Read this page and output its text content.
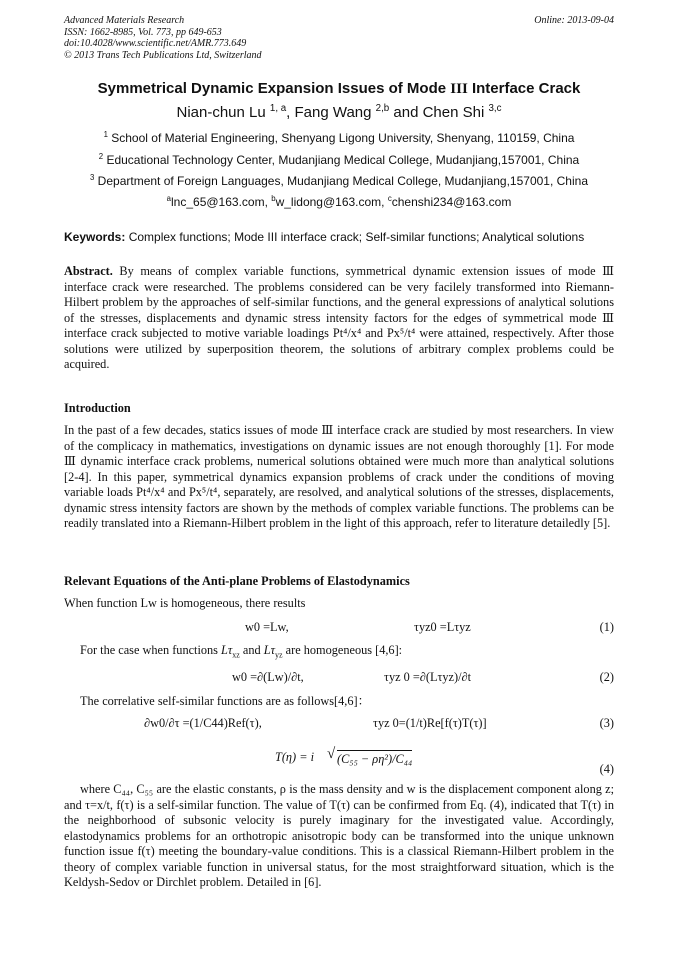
Advanced Materials Research
ISSN: 1662-8985, Vol. 773, pp 649-653
doi:10.4028/www.scientific.net/AMR.773.649
© 2013 Trans Tech Publications Ltd, Switzerland
Online: 2013-09-04
Symmetrical Dynamic Expansion Issues of Mode III Interface Crack
Nian-chun Lu $^{1, a}$, Fang Wang $^{2,b}$ and Chen Shi $^{3,c}$
$^1$ School of Material Engineering, Shenyang Ligong University, Shenyang, 110159, China
$^2$ Educational Technology Center, Mudanjiang Medical College, Mudanjiang,157001, China
$^3$ Department of Foreign Languages, Mudanjiang Medical College, Mudanjiang,157001, China
$^a$lnc_65@163.com, $^b$w_lidong@163.com, $^c$chenshi234@163.com
Keywords: Complex functions; Mode III interface crack; Self-similar functions; Analytical solutions
Abstract. By means of complex variable functions, symmetrical dynamic extension issues of mode Ⅲ interface crack were researched. The problems considered can be very facilely transformed into Riemann-Hilbert problem by the approaches of self-similar functions, and the general expressions of analytical solutions of the stresses, displacements and dynamic stress intensity factors for the edges of symmetrical mode Ⅲ interface crack subjected to motive variable loadings Pt⁴/x⁴ and Px⁵/t⁴ were attained, respectively. After those solutions were utilized by superposition theorem, the solutions of arbitrary complex problems could be acquired.
Introduction
In the past of a few decades, statics issues of mode Ⅲ interface crack are studied by most researchers. In view of the complicacy in mathematics, investigations on dynamic issues are not enough thoroughly [1]. For mode Ⅲ dynamic interface crack problems, numerical solutions obtained were much more than analytical solutions [2-4]. In this paper, symmetrical dynamics expansion problems of crack under the conditions of moving variable loads Pt⁴/x⁴ and Px⁵/t⁴, separately, are resolved, and analytical solutions of the stresses, displacements, dynamic stress intensity factors are shown by the methods of complex variable functions. The problems can be readily translated into a Riemann-Hilbert problem in the light of this approach, refer to literature detailedly [5].
Relevant Equations of the Anti-plane Problems of Elastodynamics
When function Lw is homogeneous, there results
w0 =Lw,	τyz0 =Lτyz	(1)
For the case when functions $L\tau_{xz}$ and $L\tau_{yz}$ are homogeneous [4,6]:
w0 =∂(Lw)/∂t,	τyz 0 =∂(Lτyz)/∂t	(2)
The correlative self-similar functions are as follows[4,6]：
∂w0/∂τ =(1/C44)Ref(τ),	τyz 0=(1/t)Re[f(τ)T(τ)]	(3)
T(η) = i √ (C₅₅ − ρη²)/C₄₄
(4)
where C₄₄, C₅₅ are the elastic constants, ρ is the mass density and w is the displacement component along z; and τ=x/t, f(τ) is a self-similar function. The value of T(τ) can be confirmed from Eq. (4), indicated that T(τ) in the neighborhood of subsonic velocity is purely imaginary for the investigated value. Accordingly, elastodynamics problems for an orthotropic anisotropic body can be transformed into the unique unknown function issue f(τ) meeting the boundary-value conditions. This is a classical Riemann-Hilbert problem in the theory of complex variable function in universal status, for the most straightforward situation, which is the Keldysh-Sedov or Dirchlet problem. Detailed in [6].
